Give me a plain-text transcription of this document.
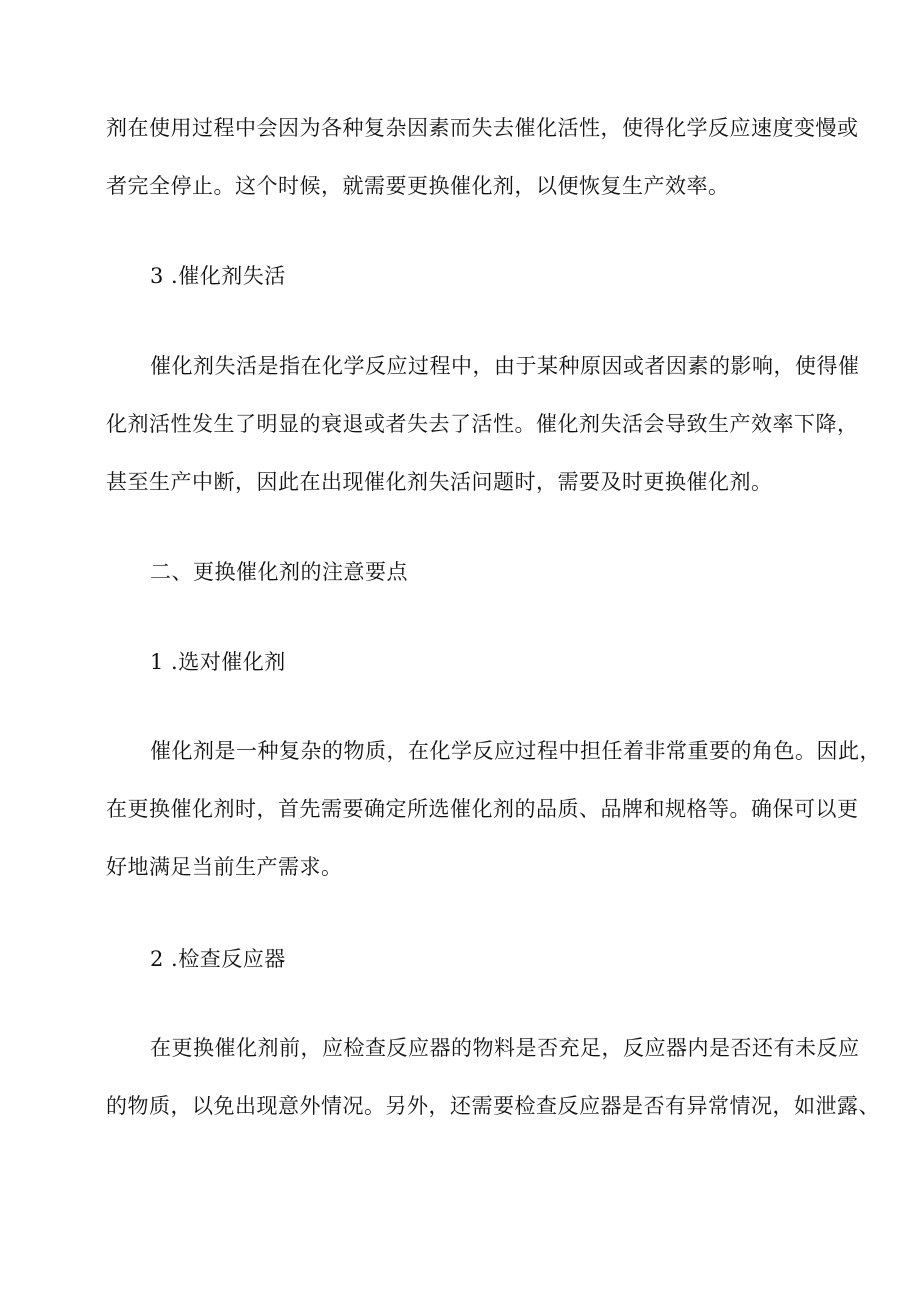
剂在使用过程中会因为各种复杂因素而失去催化活性，使得化学反应速度变慢或
者完全停止。这个时候，就需要更换催化剂，以便恢复生产效率。
3 .催化剂失活
催化剂失活是指在化学反应过程中，由于某种原因或者因素的影响，使得催
化剂活性发生了明显的衰退或者失去了活性。催化剂失活会导致生产效率下降，
甚至生产中断，因此在出现催化剂失活问题时，需要及时更换催化剂。
二、更换催化剂的注意要点
1 .选对催化剂
催化剂是一种复杂的物质，在化学反应过程中担任着非常重要的角色。因此，
在更换催化剂时，首先需要确定所选催化剂的品质、品牌和规格等。确保可以更
好地满足当前生产需求。
2 .检查反应器
在更换催化剂前，应检查反应器的物料是否充足，反应器内是否还有未反应
的物质，以免出现意外情况。另外，还需要检查反应器是否有异常情况，如泄露、
